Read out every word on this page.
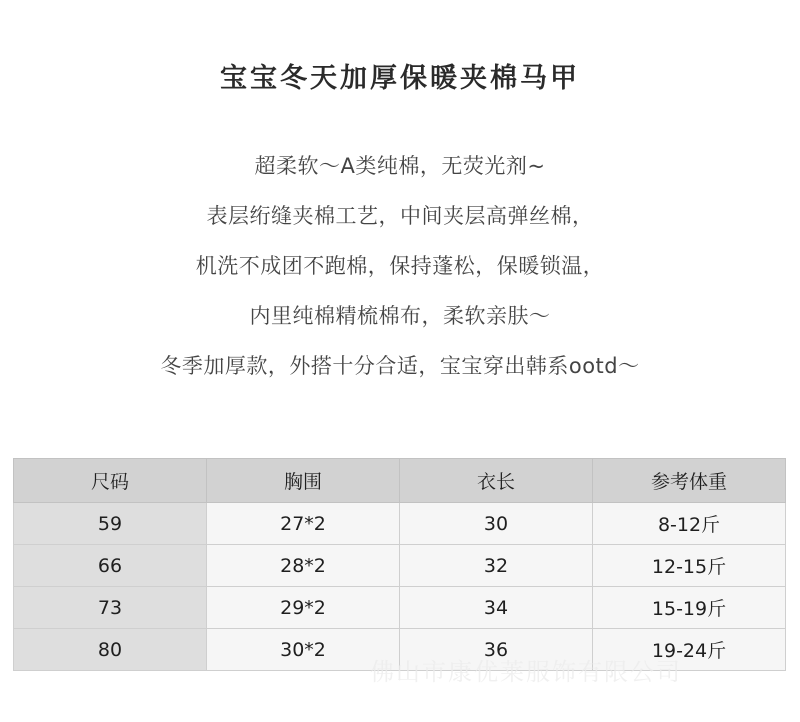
宝宝冬天加厚保暖夹棉马甲
超柔软～A类纯棉，无荧光剂~
表层绗缝夹棉工艺，中间夹层高弹丝棉，
机洗不成团不跑棉，保持蓬松，保暖锁温，
内里纯棉精梳棉布，柔软亲肤～
冬季加厚款，外搭十分合适，宝宝穿出韩系ootd～
尺码	胸围	衣长	参考体重
59	27*2	30	8-12斤
66	28*2	32	12-15斤
73	29*2	34	15-19斤
80	30*2	36	19-24斤
佛山市康优莱服饰有限公司
